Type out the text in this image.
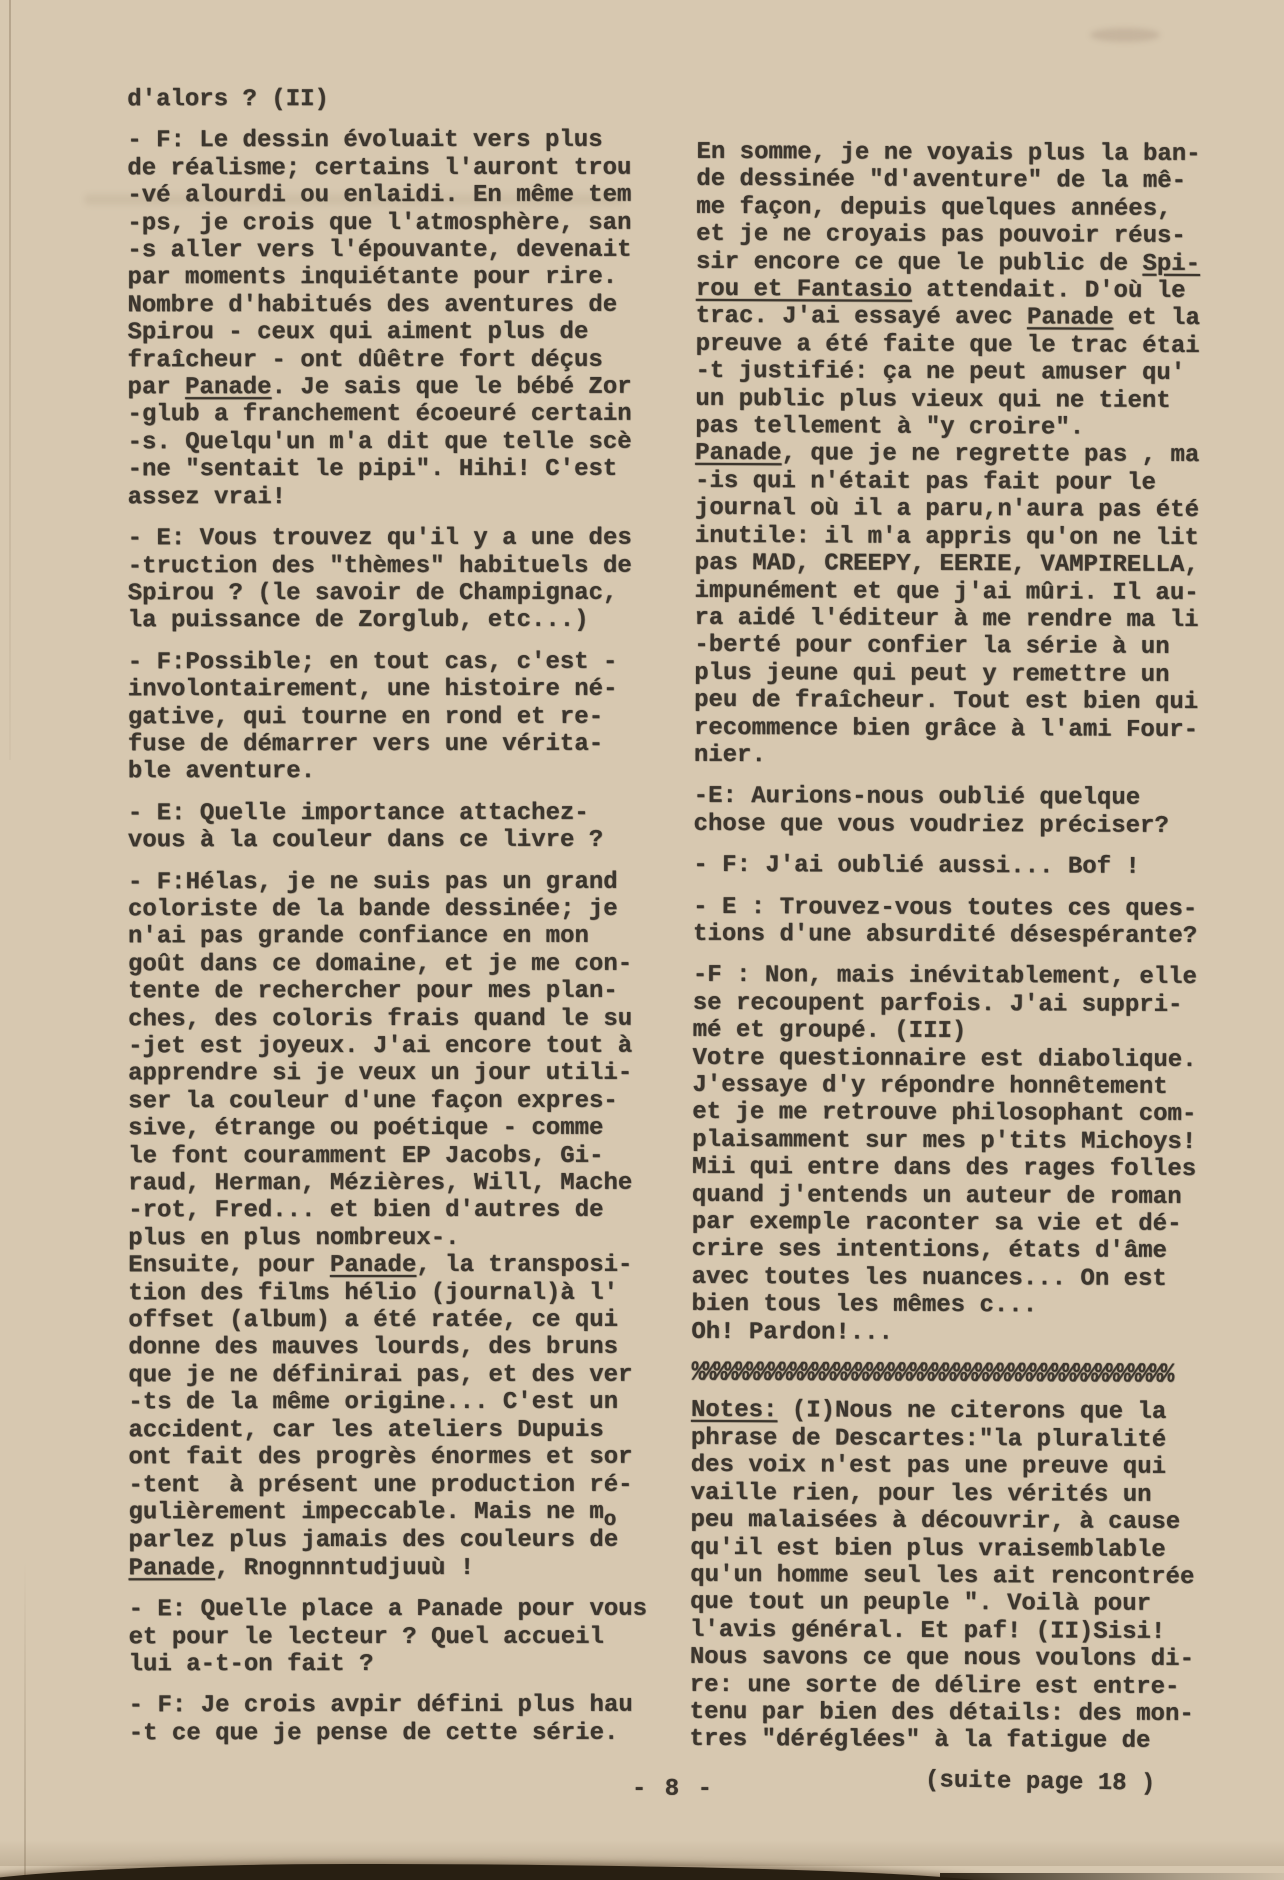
d'alors ? (II)
- F: Le dessin évoluait vers plus
de réalisme; certains l'auront trou
-vé alourdi ou enlaidi. En même tem
-ps, je crois que l'atmosphère, san
-s aller vers l'épouvante, devenait
par moments inquiétante pour rire.
Nombre d'habitués des aventures de
Spirou - ceux qui aiment plus de
fraîcheur - ont dûêtre fort déçus
par Panade. Je sais que le bébé Zor
-glub a franchement écoeuré certain
-s. Quelqu'un m'a dit que telle scè
-ne "sentait le pipi". Hihi! C'est
assez vrai!
- E: Vous trouvez qu'il y a une des
-truction des "thèmes" habituels de
Spirou ? (le savoir de Champignac,
la puissance de Zorglub, etc...)
- F:Possible; en tout cas, c'est -
involontairement, une histoire né-
gative, qui tourne en rond et re-
fuse de démarrer vers une vérita-
ble aventure.
- E: Quelle importance attachez-
vous à la couleur dans ce livre ?
- F:Hélas, je ne suis pas un grand
coloriste de la bande dessinée; je
n'ai pas grande confiance en mon
goût dans ce domaine, et je me con-
tente de rechercher pour mes plan-
ches, des coloris frais quand le su
-jet est joyeux. J'ai encore tout à
apprendre si je veux un jour utili-
ser la couleur d'une façon expres-
sive, étrange ou poétique - comme
le font couramment EP Jacobs, Gi-
raud, Herman, Mézières, Will, Mache
-rot, Fred... et bien d'autres de
plus en plus nombreux-.
Ensuite, pour Panade, la transposi-
tion des films hélio (journal)à l'
offset (album) a été ratée, ce qui
donne des mauves lourds, des bruns
que je ne définirai pas, et des ver
-ts de la même origine... C'est un
accident, car les ateliers Dupuis
ont fait des progrès énormes et sor
-tent  à présent une production ré-
gulièrement impeccable. Mais ne mo
parlez plus jamais des couleurs de
Panade, Rnognnntudjuuù !
- E: Quelle place a Panade pour vous
et pour le lecteur ? Quel accueil
lui a-t-on fait ?
- F: Je crois avpir défini plus hau
-t ce que je pense de cette série.
En somme, je ne voyais plus la ban-
de dessinée "d'aventure" de la mê-
me façon, depuis quelques années,
et je ne croyais pas pouvoir réus-
sir encore ce que le public de Spi-
rou et Fantasio attendait. D'où le
trac. J'ai essayé avec Panade et la
preuve a été faite que le trac étai
-t justifié: ça ne peut amuser qu'
un public plus vieux qui ne tient
pas tellement à "y croire".
Panade, que je ne regrette pas , ma
-is qui n'était pas fait pour le
journal où il a paru,n'aura pas été
inutile: il m'a appris qu'on ne lit
pas MAD, CREEPY, EERIE, VAMPIRELLA,
impunément et que j'ai mûri. Il au-
ra aidé l'éditeur à me rendre ma li
-berté pour confier la série à un
plus jeune qui peut y remettre un
peu de fraîcheur. Tout est bien qui
recommence bien grâce à l'ami Four-
nier.
-E: Aurions-nous oublié quelque
chose que vous voudriez préciser?
- F: J'ai oublié aussi... Bof !
- E : Trouvez-vous toutes ces ques-
tions d'une absurdité désespérante?
-F : Non, mais inévitablement, elle
se recoupent parfois. J'ai suppri-
mé et groupé. (III)
Votre questionnaire est diabolique.
J'essaye d'y répondre honnêtement
et je me retrouve philosophant com-
plaisamment sur mes p'tits Michoys!
Mii qui entre dans des rages folles
quand j'entends un auteur de roman
par exemple raconter sa vie et dé-
crire ses intentions, états d'âme
avec toutes les nuances... On est
bien tous les mêmes c...
Oh! Pardon!...
%%%%%%%%%%%%%%%%%%%%%%%%%%%%%%%%%%%%%%%%%%%%
Notes: (I)Nous ne citerons que la
phrase de Descartes:"la pluralité
des voix n'est pas une preuve qui
vaille rien, pour les vérités un
peu malaisées à découvrir, à cause
qu'il est bien plus vraisemblable
qu'un homme seul les ait rencontrée
que tout un peuple ". Voilà pour
l'avis général. Et paf! (II)Sisi!
Nous savons ce que nous voulons di-
re: une sorte de délire est entre-
tenu par bien des détails: des mon-
tres "déréglées" à la fatigue de
- 8 -	(suite page 18 )
